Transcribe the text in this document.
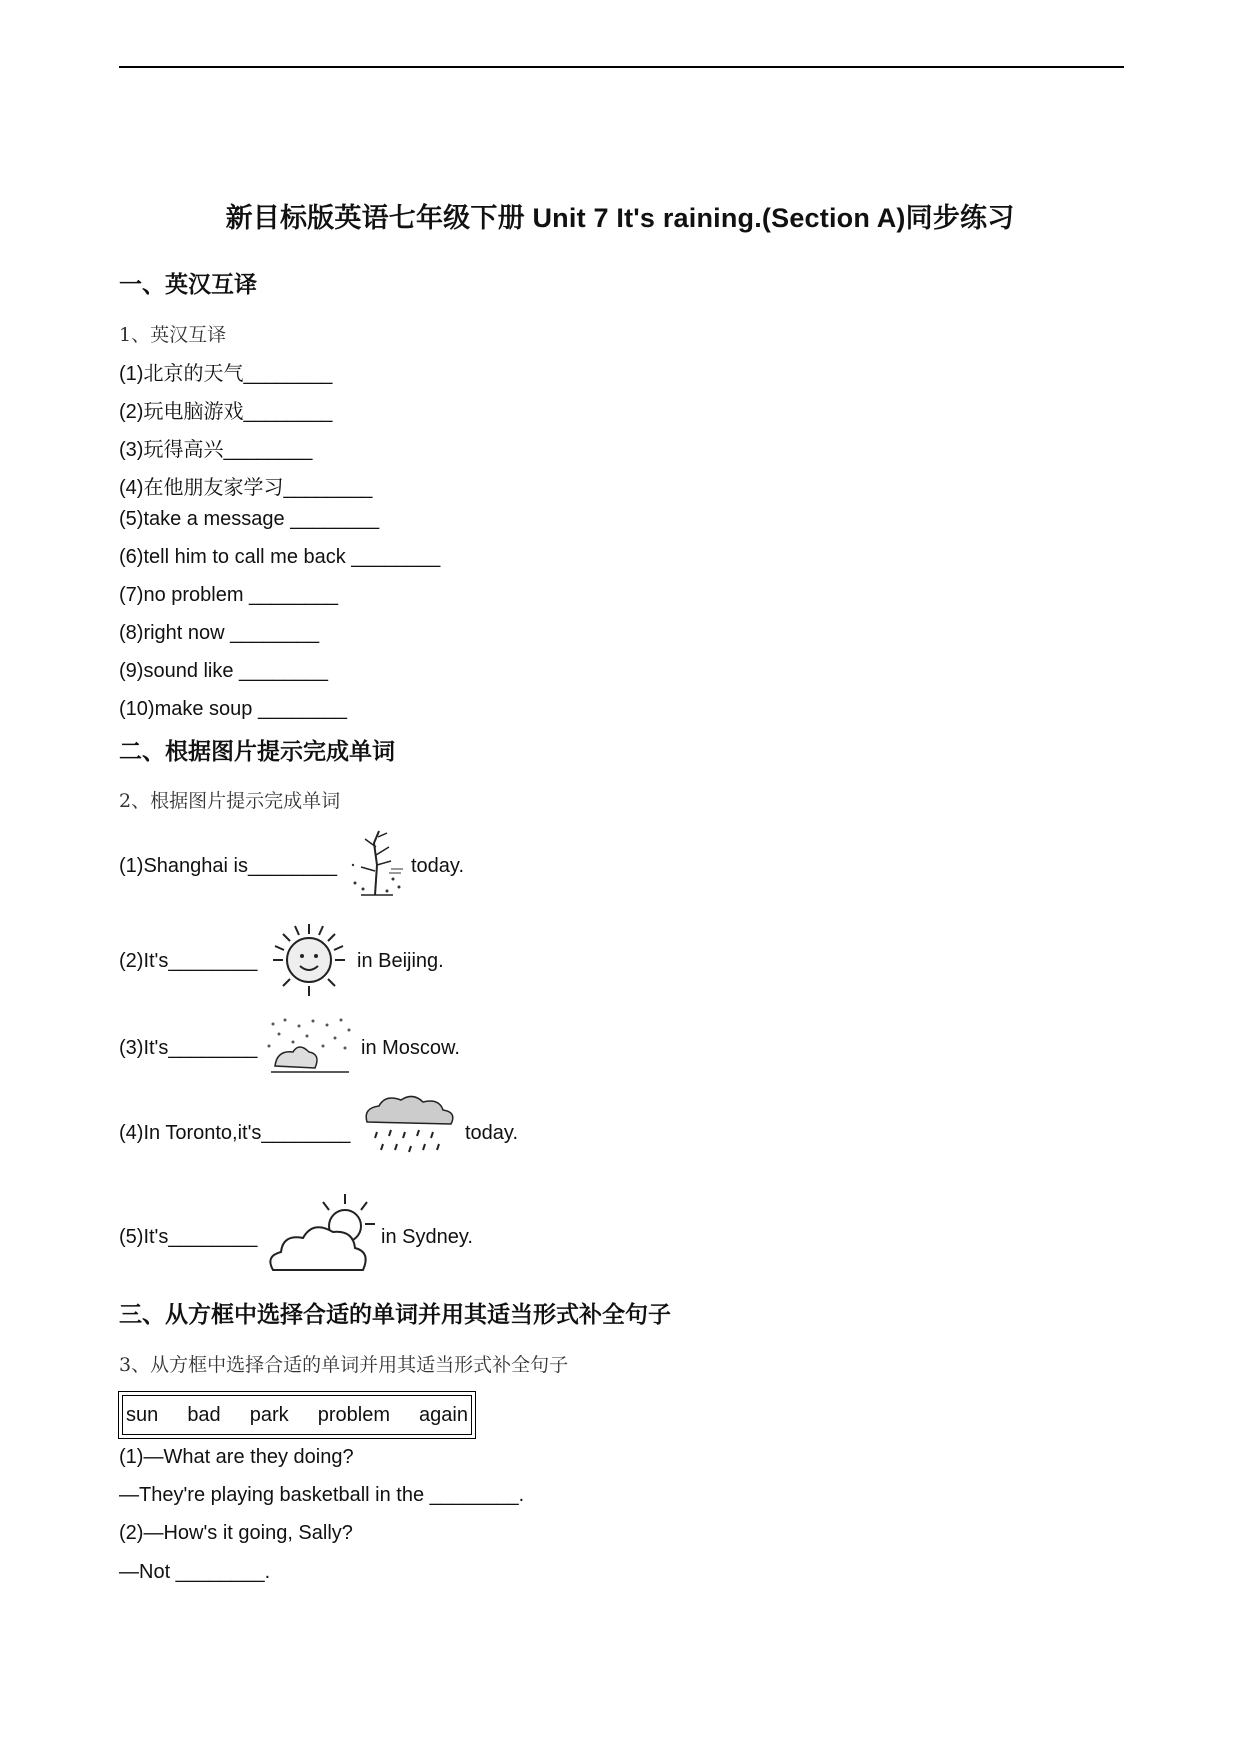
新目标版英语七年级下册 Unit 7 It's raining.(Section A)同步练习
一、英汉互译
1、英汉互译
(1)北京的天气________
(2)玩电脑游戏________
(3)玩得高兴________
(4)在他朋友家学习________
(5)take a message ________
(6)tell him to call me back ________
(7)no problem ________
(8)right now ________
(9)sound like ________
(10)make soup ________
二、根据图片提示完成单词
2、根据图片提示完成单词
(1)Shanghai is________	today.
(2)It's________	in Beijing.
(3)It's________	in Moscow.
(4)In Toronto,it's________	today.
(5)It's________	in Sydney.
三、从方框中选择合适的单词并用其适当形式补全句子
3、从方框中选择合适的单词并用其适当形式补全句子
sun bad park problem again
(1)—What are they doing?
—They're playing basketball in the ________.
(2)—How's it going, Sally?
—Not ________.
